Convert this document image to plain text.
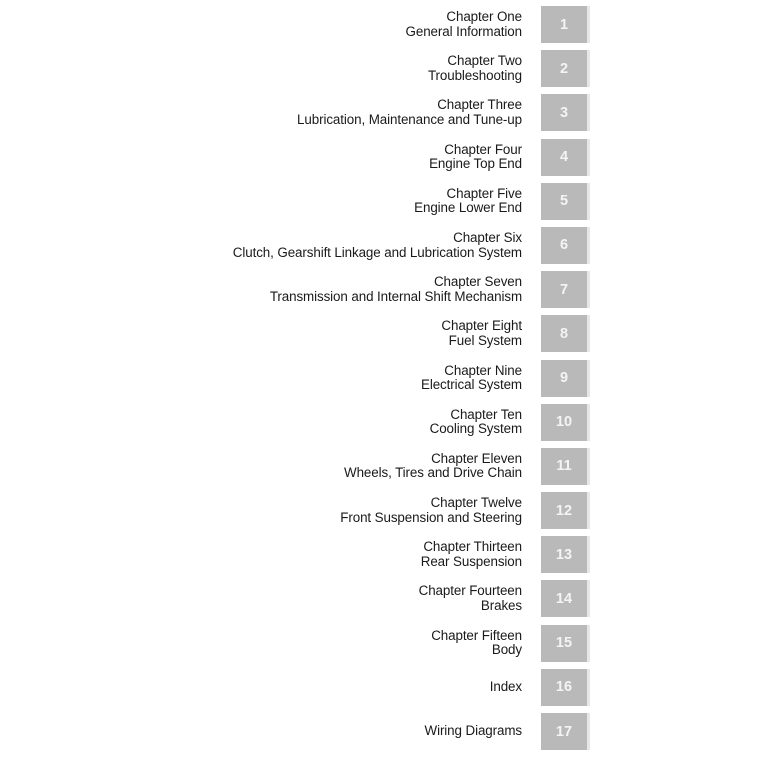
Chapter One
General Information	1
Chapter Two
Troubleshooting	2
Chapter Three
Lubrication, Maintenance and Tune-up	3
Chapter Four
Engine Top End	4
Chapter Five
Engine Lower End	5
Chapter Six
Clutch, Gearshift Linkage and Lubrication System	6
Chapter Seven
Transmission and Internal Shift Mechanism	7
Chapter Eight
Fuel System	8
Chapter Nine
Electrical System	9
Chapter Ten
Cooling System	10
Chapter Eleven
Wheels, Tires and Drive Chain	11
Chapter Twelve
Front Suspension and Steering	12
Chapter Thirteen
Rear Suspension	13
Chapter Fourteen
Brakes	14
Chapter Fifteen
Body	15
Index	16
Wiring Diagrams	17
